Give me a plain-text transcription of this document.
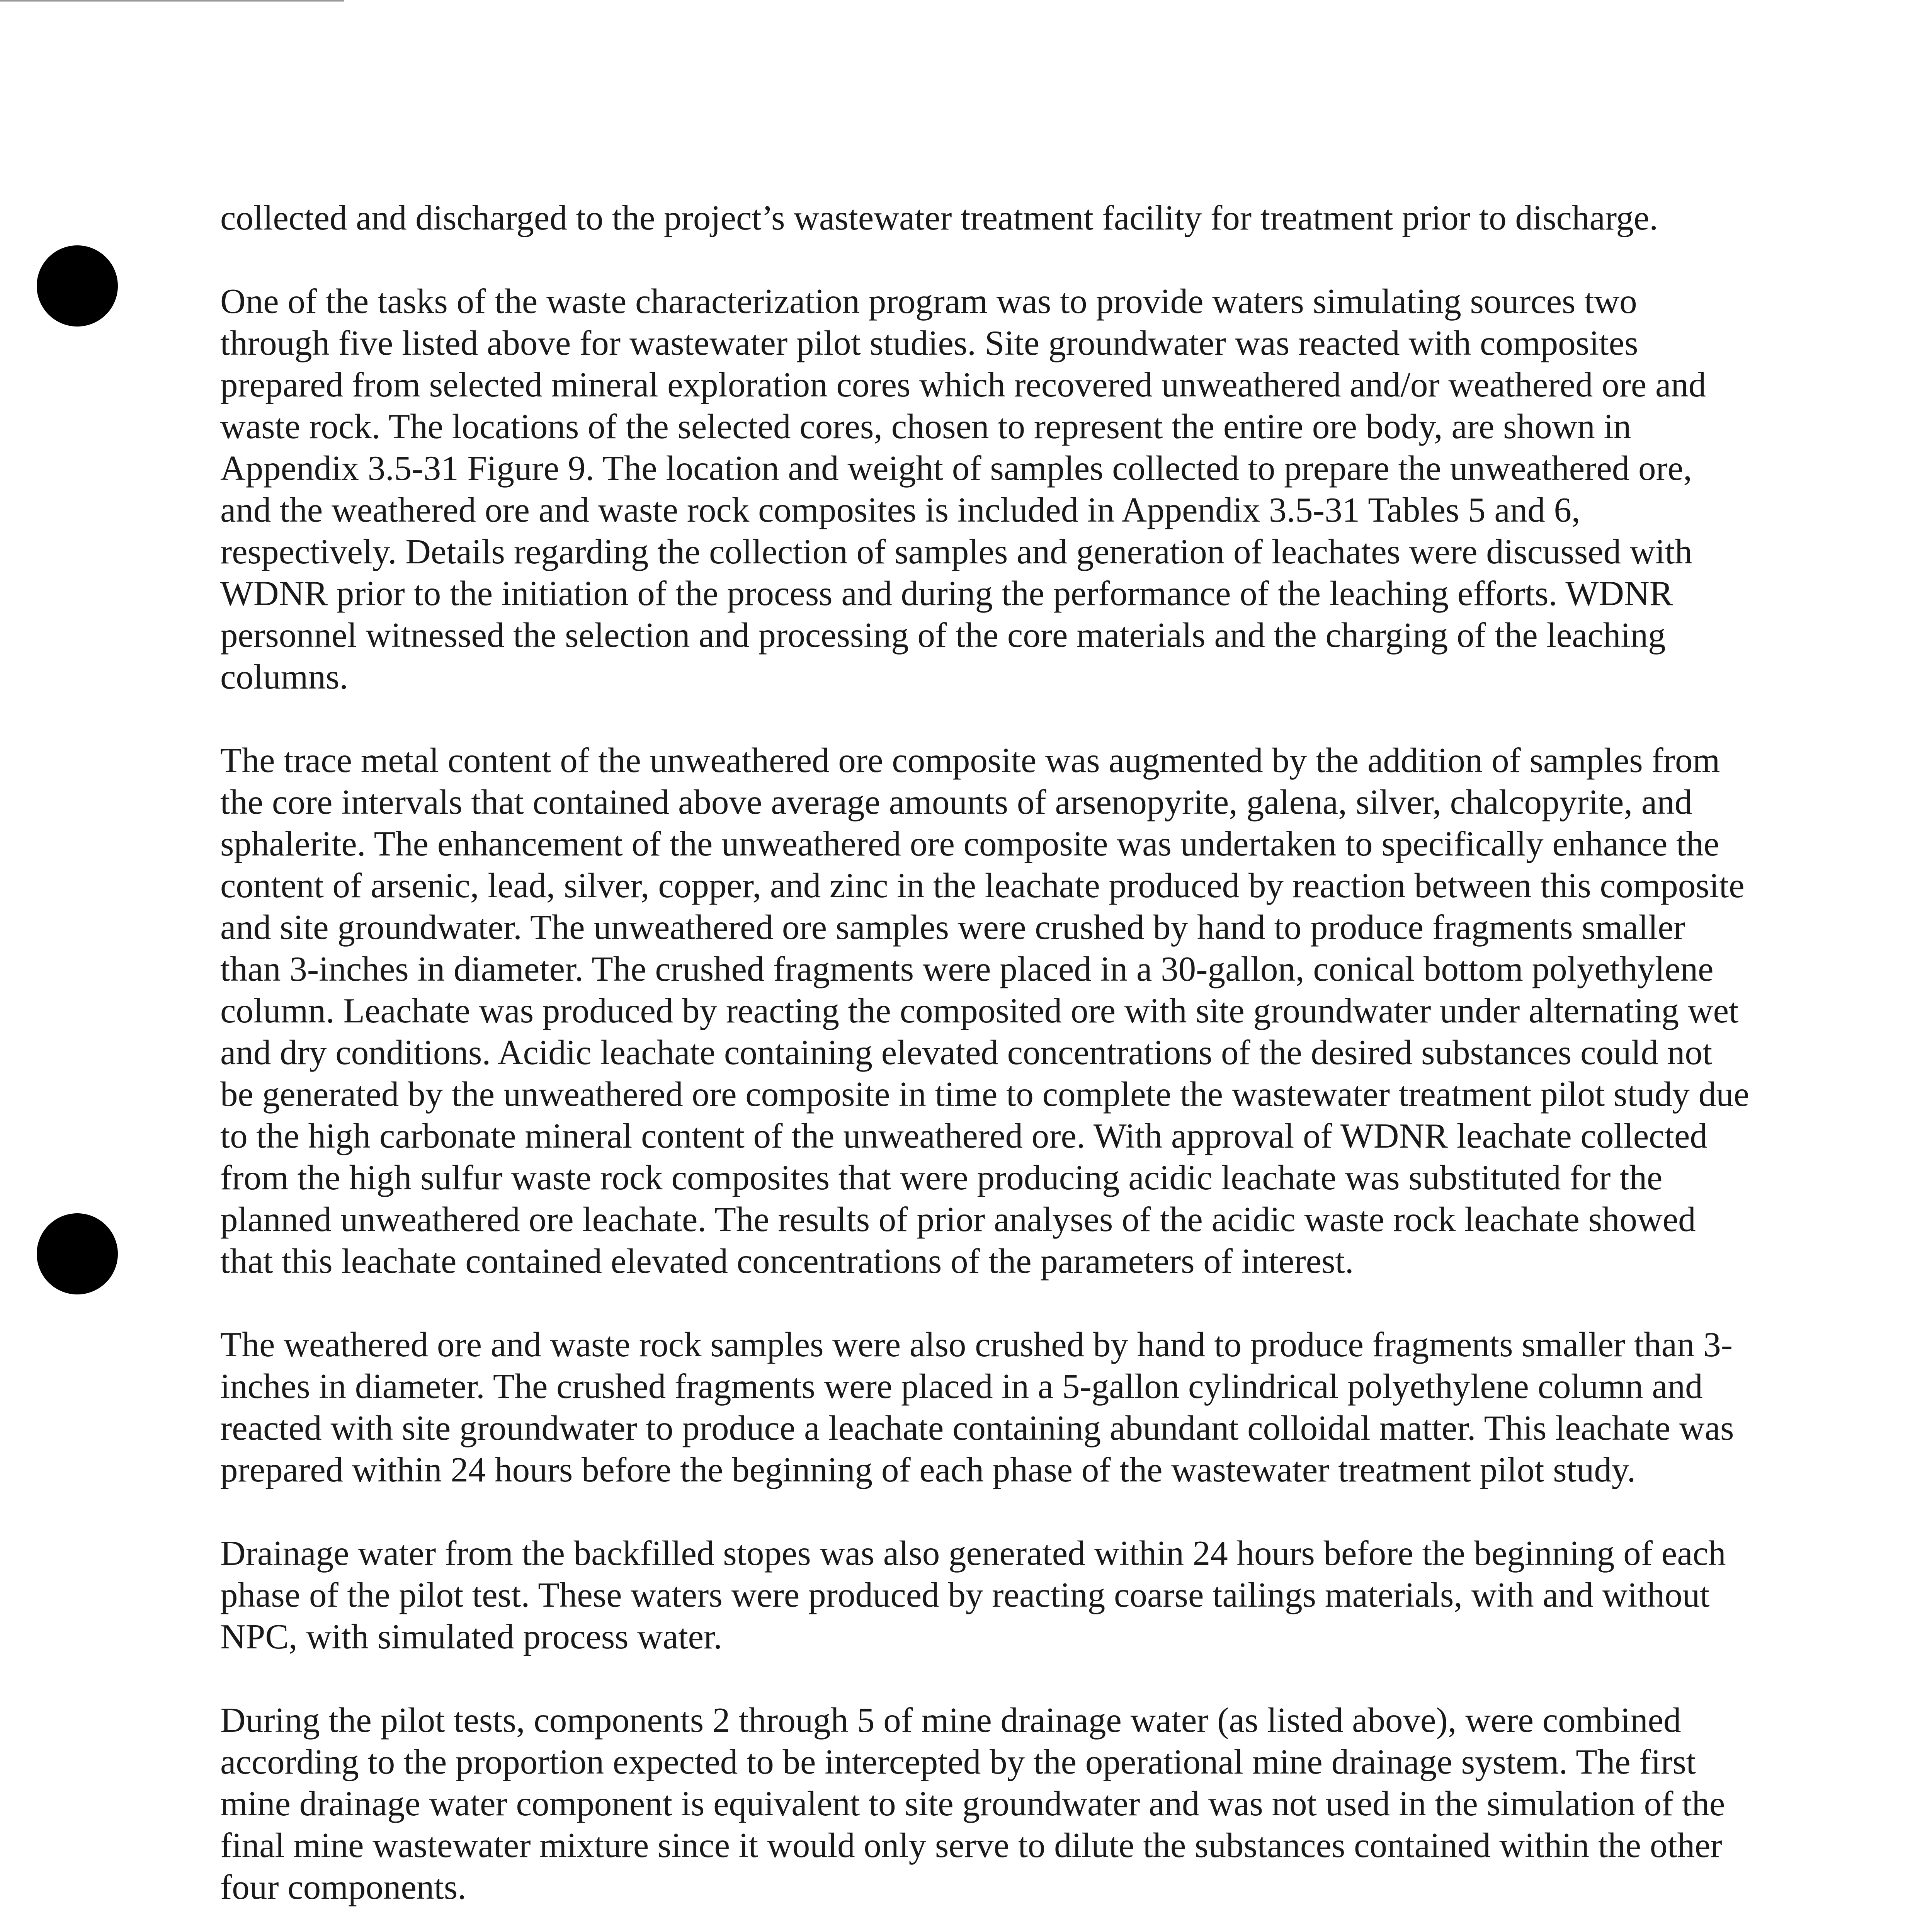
collected and discharged to the project’s wastewater treatment facility for treatment prior to discharge.

One of the tasks of the waste characterization program was to provide waters simulating sources two through five listed above for wastewater pilot studies. Site groundwater was reacted with composites prepared from selected mineral exploration cores which recovered unweathered and/or weathered ore and waste rock. The locations of the selected cores, chosen to represent the entire ore body, are shown in Appendix 3.5-31 Figure 9. The location and weight of samples collected to prepare the unweathered ore, and the weathered ore and waste rock composites is included in Appendix 3.5-31 Tables 5 and 6, respectively. Details regarding the collection of samples and generation of leachates were discussed with WDNR prior to the initiation of the process and during the performance of the leaching efforts. WDNR personnel witnessed the selection and processing of the core materials and the charging of the leaching columns.

The trace metal content of the unweathered ore composite was augmented by the addition of samples from the core intervals that contained above average amounts of arsenopyrite, galena, silver, chalcopyrite, and sphalerite. The enhancement of the unweathered ore composite was undertaken to specifically enhance the content of arsenic, lead, silver, copper, and zinc in the leachate produced by reaction between this composite and site groundwater. The unweathered ore samples were crushed by hand to produce fragments smaller than 3-inches in diameter. The crushed fragments were placed in a 30-gallon, conical bottom polyethylene column. Leachate was produced by reacting the composited ore with site groundwater under alternating wet and dry conditions. Acidic leachate containing elevated concentrations of the desired substances could not be generated by the unweathered ore composite in time to complete the wastewater treatment pilot study due to the high carbonate mineral content of the unweathered ore. With approval of WDNR leachate collected from the high sulfur waste rock composites that were producing acidic leachate was substituted for the planned unweathered ore leachate. The results of prior analyses of the acidic waste rock leachate showed that this leachate contained elevated concentrations of the parameters of interest.

The weathered ore and waste rock samples were also crushed by hand to produce fragments smaller than 3-inches in diameter. The crushed fragments were placed in a 5-gallon cylindrical polyethylene column and reacted with site groundwater to produce a leachate containing abundant colloidal matter. This leachate was prepared within 24 hours before the beginning of each phase of the wastewater treatment pilot study.

Drainage water from the backfilled stopes was also generated within 24 hours before the beginning of each phase of the pilot test. These waters were produced by reacting coarse tailings materials, with and without NPC, with simulated process water.

During the pilot tests, components 2 through 5 of mine drainage water (as listed above), were combined according to the proportion expected to be intercepted by the operational mine drainage system. The first mine drainage water component is equivalent to site groundwater and was not used in the simulation of the final mine wastewater mixture since it would only serve to dilute the substances contained within the other four components.
